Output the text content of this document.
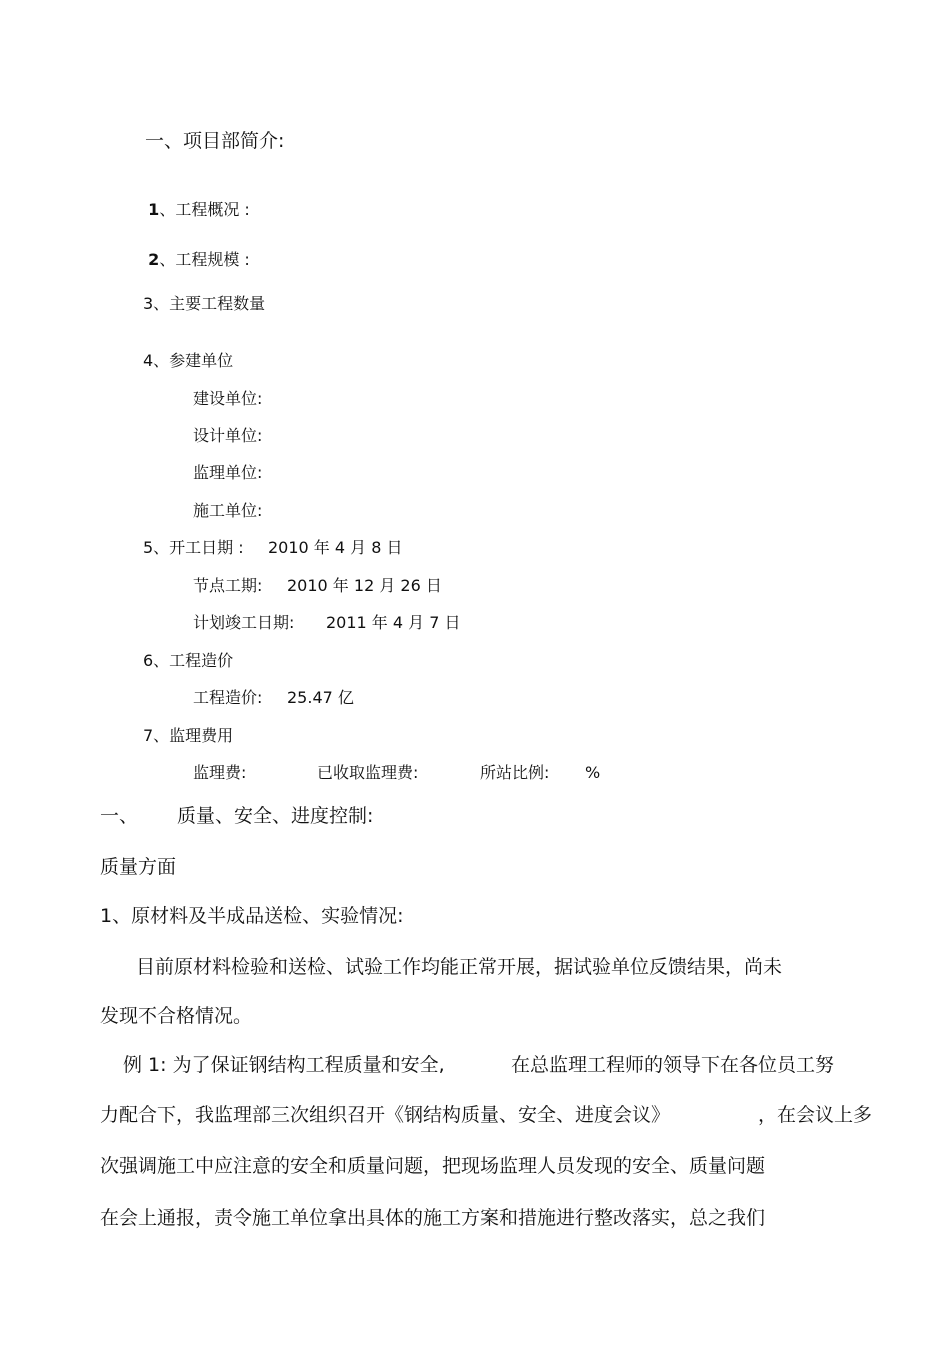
一、项目部简介:

1、工程概况 :

2、工程规模 :

3、主要工程数量
4、参建单位
建设单位:
设计单位:
监理单位:
施工单位:
5、开工日期 : 2010 年 4 月 8 日
节点工期: 2010 年 12 月 26 日
计划竣工日期: 2011 年 4 月 7 日
6、工程造价
工程造价: 25.47 亿
7、监理费用
监理费:	已收取监理费:	所站比例: %
一、 质量、安全、进度控制:
质量方面
1、原材料及半成品送检、实验情况:
目前原材料检验和送检、试验工作均能正常开展，据试验单位反馈结果，尚未
发现不合格情况。
例 1: 为了保证钢结构工程质量和安全,	在总监理工程师的领导下在各位员工努
力配合下，我监理部三次组织召开《钢结构质量、安全、进度会议》	，在会议上多
次强调施工中应注意的安全和质量问题，把现场监理人员发现的安全、质量问题
在会上通报，责令施工单位拿出具体的施工方案和措施进行整改落实，总之我们
